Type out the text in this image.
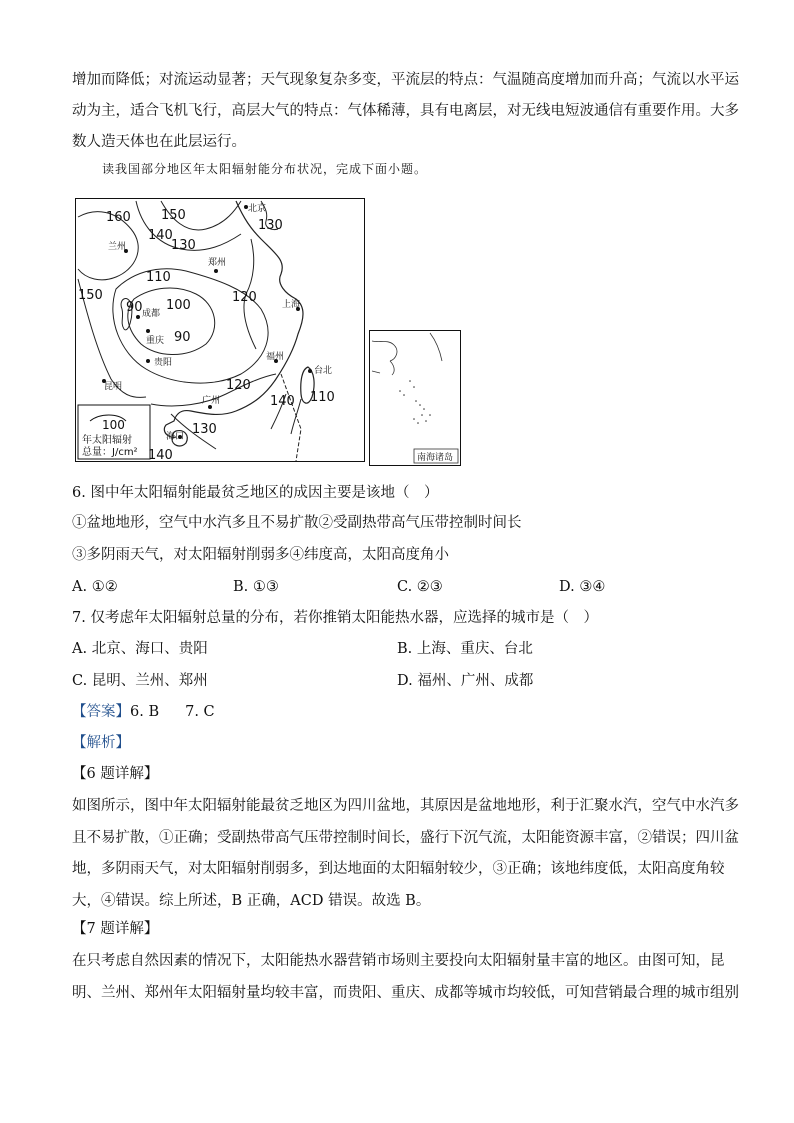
增加而降低；对流运动显著；天气现象复杂多变，平流层的特点：气温随高度增加而升高；气流以水平运
动为主，适合飞机飞行，高层大气的特点：气体稀薄，具有电离层，对无线电短波通信有重要作用。大多
数人造天体也在此层运行。
读我国部分地区年太阳辐射能分布状况，完成下面小题。
160 150
130
140
130
110
150
90 100
90
120
120
140 110
130
140
北京
兰州
郑州
成都
重庆
贵阳
上海
福州
台北
广州
昆明
海口
100
年太阳辐射
总量：J/cm²	南海诸岛
6. 图中年太阳辐射能最贫乏地区的成因主要是该地（　）
①盆地地形，空气中水汽多且不易扩散②受副热带高气压带控制时间长
③多阴雨天气，对太阳辐射削弱多④纬度高，太阳高度角小
A. ①②	B. ①③	C. ②③	D. ③④
7. 仅考虑年太阳辐射总量的分布，若你推销太阳能热水器，应选择的城市是（　）
A. 北京、海口、贵阳	B. 上海、重庆、台北
C. 昆明、兰州、郑州	D. 福州、广州、成都
【答案】6. B 7. C
【解析】
【6 题详解】
如图所示，图中年太阳辐射能最贫乏地区为四川盆地，其原因是盆地地形，利于汇聚水汽，空气中水汽多
且不易扩散，①正确；受副热带高气压带控制时间长，盛行下沉气流，太阳能资源丰富，②错误；四川盆
地，多阴雨天气，对太阳辐射削弱多，到达地面的太阳辐射较少，③正确；该地纬度低，太阳高度角较
大，④错误。综上所述，B 正确，ACD 错误。故选 B。
【7 题详解】
在只考虑自然因素的情况下，太阳能热水器营销市场则主要投向太阳辐射量丰富的地区。由图可知，昆
明、兰州、郑州年太阳辐射量均较丰富，而贵阳、重庆、成都等城市均较低，可知营销最合理的城市组别
